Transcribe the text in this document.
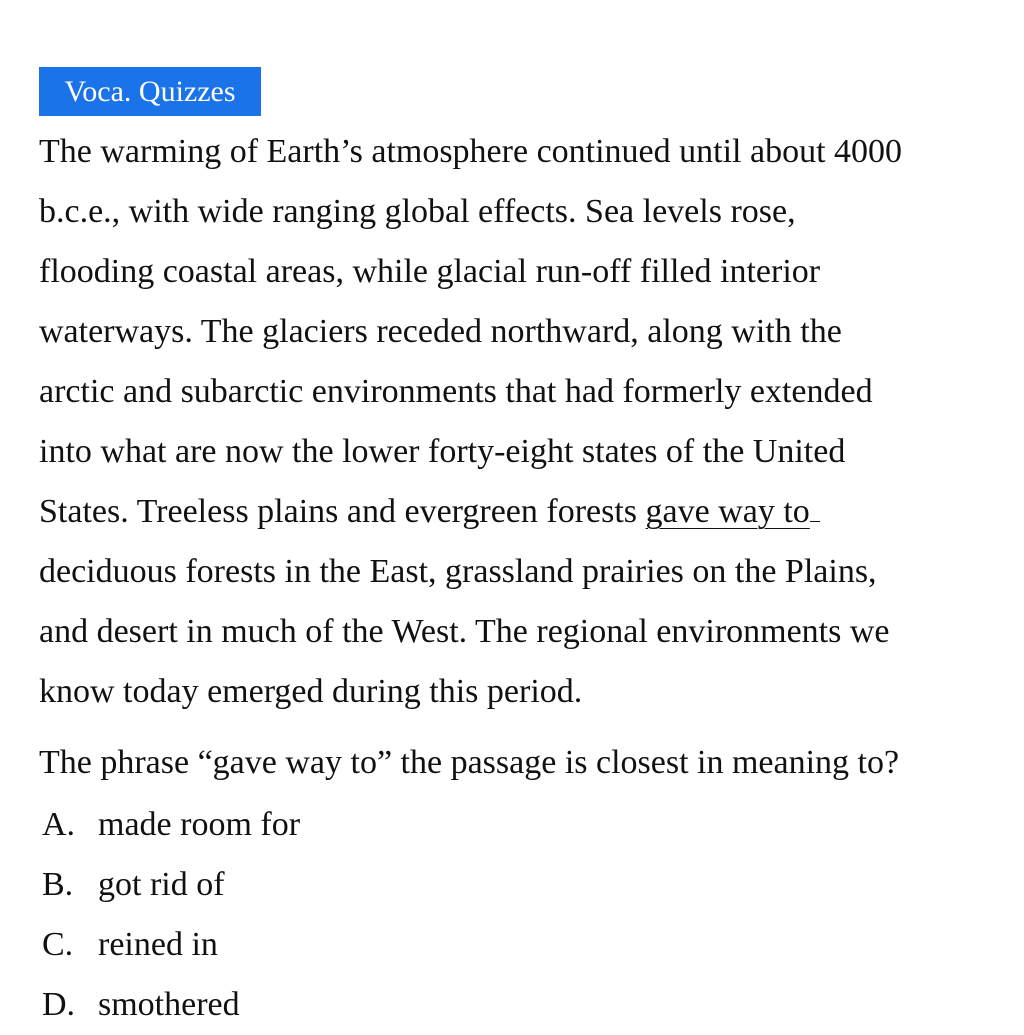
Voca. Quizzes
The warming of Earth’s atmosphere continued until about 4000
b.c.e., with wide ranging global effects. Sea levels rose,
flooding coastal areas, while glacial run-off filled interior
waterways. The glaciers receded northward, along with the
arctic and subarctic environments that had formerly extended
into what are now the lower forty-eight states of the United
States. Treeless plains and evergreen forests gave way to
deciduous forests in the East, grassland prairies on the Plains,
and desert in much of the West. The regional environments we
know today emerged during this period.
The phrase “gave way to” the passage is closest in meaning to?
A. made room for
B. got rid of
C. reined in
D. smothered
